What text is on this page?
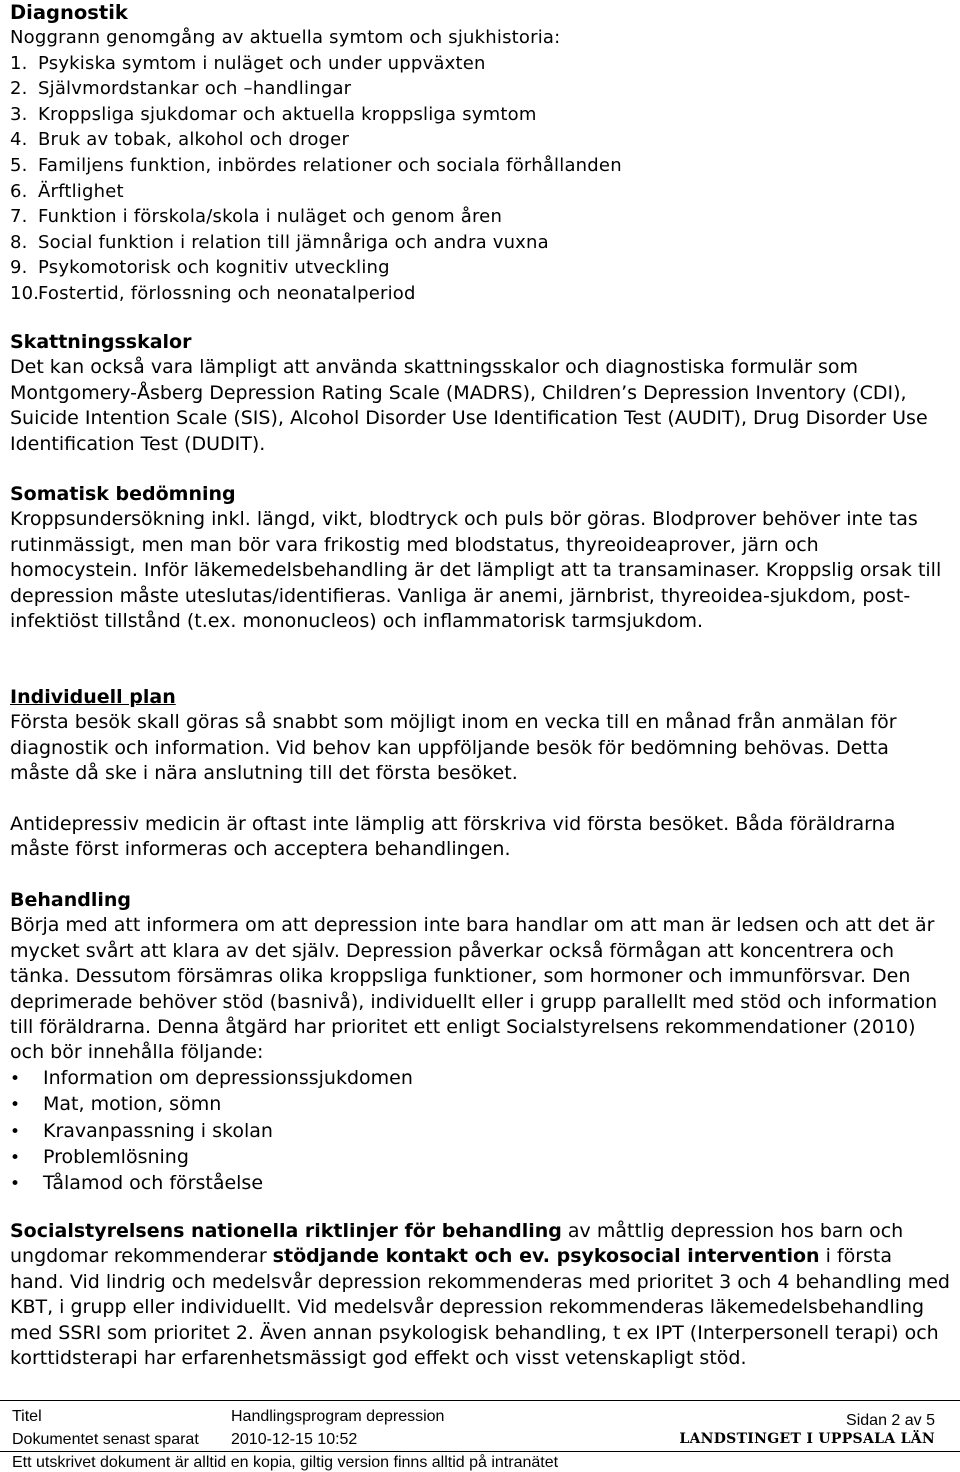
Diagnostik

Noggrann genomgång av aktuella symtom och sjukhistoria:

1. Psykiska symtom i nuläget och under uppväxten
2. Självmordstankar och –handlingar
3. Kroppsliga sjukdomar och aktuella kroppsliga symtom
4. Bruk av tobak, alkohol och droger
5. Familjens funktion, inbördes relationer och sociala förhållanden
6. Ärftlighet
7. Funktion i förskola/skola i nuläget och genom åren
8. Social funktion i relation till jämnåriga och andra vuxna
9. Psykomotorisk och kognitiv utveckling
10.
Fostertid, förlossning och neonatalperiod

Skattningsskalor

Det kan också vara lämpligt att använda skattningsskalor och diagnostiska formulär som Montgomery-Åsberg Depression Rating Scale (MADRS), Children’s Depression Inventory (CDI), Suicide Intention Scale (SIS), Alcohol Disorder Use Identification Test (AUDIT), Drug Disorder Use Identification Test (DUDIT).

Somatisk bedömning

Kroppsundersökning inkl. längd, vikt, blodtryck och puls bör göras. Blodprover behöver inte tas rutinmässigt, men man bör vara frikostig med blodstatus, thyreoideaprover, järn och homocystein. Inför läkemedelsbehandling är det lämpligt att ta transaminaser. Kroppslig orsak till depression måste uteslutas/identifieras. Vanliga är anemi, järnbrist, thyreoidea-sjukdom, post-infektiöst tillstånd (t.ex. mononucleos) och inflammatorisk tarmsjukdom.

Individuell plan

Första besök skall göras så snabbt som möjligt inom en vecka till en månad från anmälan för diagnostik och information. Vid behov kan uppföljande besök för bedömning behövas. Detta måste då ske i nära anslutning till det första besöket.

Antidepressiv medicin är oftast inte lämplig att förskriva vid första besöket. Båda föräldrarna måste först informeras och acceptera behandlingen.

Behandling

Börja med att informera om att depression inte bara handlar om att man är ledsen och att det är mycket svårt att klara av det själv. Depression påverkar också förmågan att koncentrera och tänka. Dessutom försämras olika kroppsliga funktioner, som hormoner och immunförsvar. Den deprimerade behöver stöd (basnivå), individuellt eller i grupp parallellt med stöd och information till föräldrarna. Denna åtgärd har prioritet ett enligt Socialstyrelsens rekommendationer (2010) och bör innehålla följande:

•	Information om depressionssjukdomen
•	Mat, motion, sömn
•	Kravanpassning i skolan
•	Problemlösning
•	Tålamod och förståelse

Socialstyrelsens nationella riktlinjer för behandling av måttlig depression hos barn och ungdomar rekommenderar stödjande kontakt och ev. psykosocial intervention i första hand. Vid lindrig och medelsvår depression rekommenderas med prioritet 3 och 4 behandling med KBT, i grupp eller individuellt. Vid medelsvår depression rekommenderas läkemedelsbehandling med SSRI som prioritet 2. Även annan psykologisk behandling, t ex IPT (Interpersonell terapi) och korttidsterapi har erfarenhetsmässigt god effekt och visst vetenskapligt stöd.

Titel	Handlingsprogram depression
Dokumentet senast sparat 2010-12-15 10:52
Sidan 2 av 5
LANDSTINGET I UPPSALA LÄN
Ett utskrivet dokument är alltid en kopia, giltig version finns alltid på intranätet
